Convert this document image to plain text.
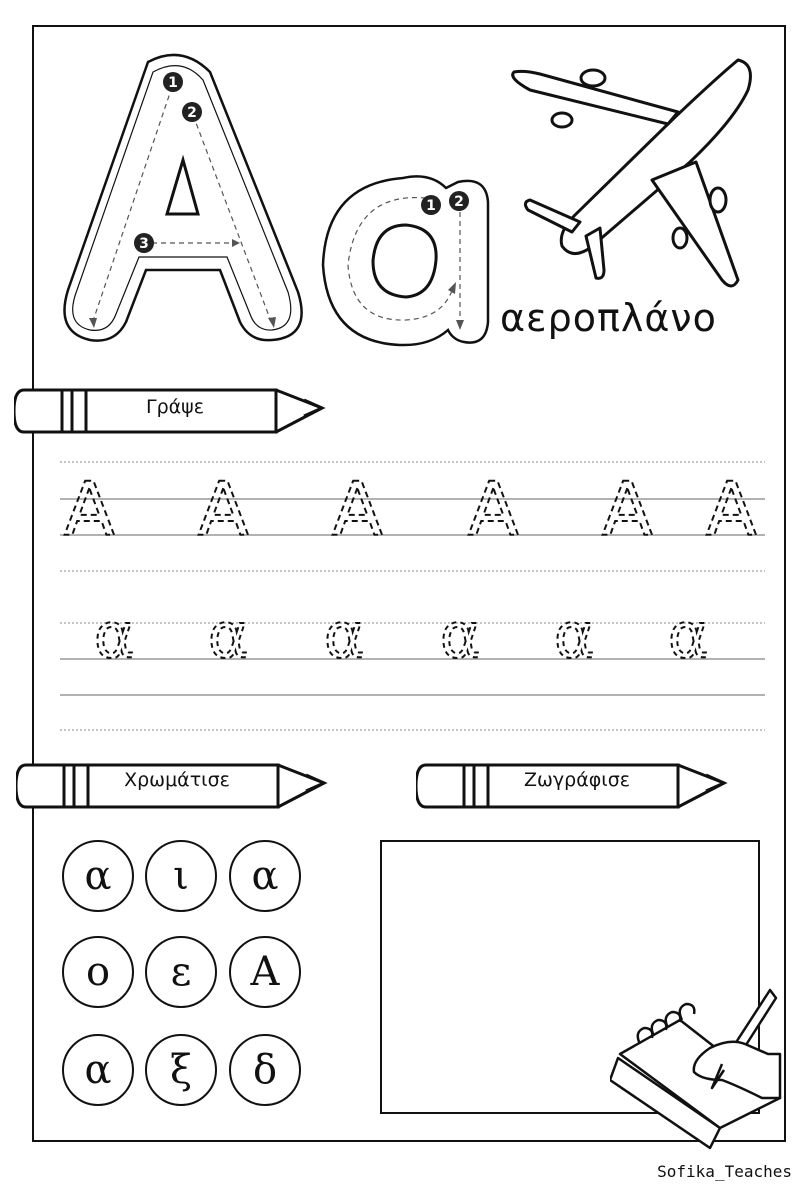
1
2
3
1 2
αεροπλάνο
Γράψε
Α Α Α Α Α Α
α α α α α α
Χρωμάτισε	Ζωγράφισε
α	ι	α
ο	ε	Α
α	ξ	δ
Sofika_Teaches
